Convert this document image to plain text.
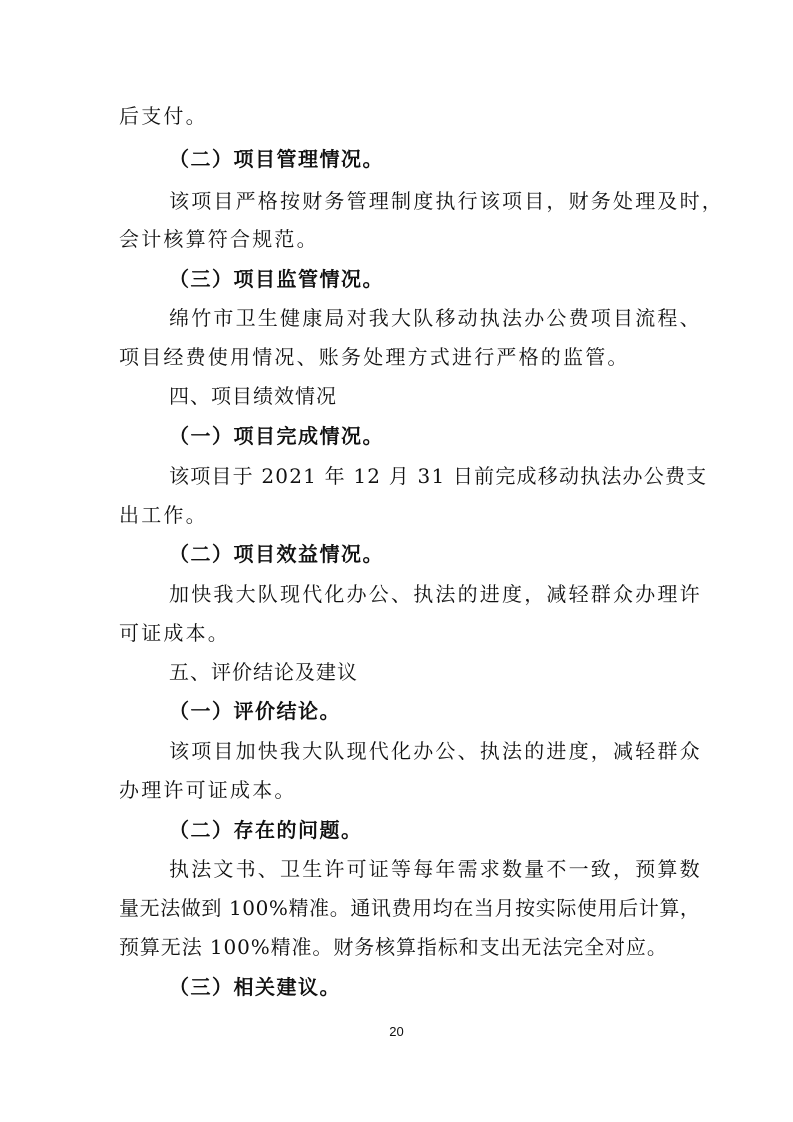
后支付。
（二）项目管理情况。
该项目严格按财务管理制度执行该项目，财务处理及时，
会计核算符合规范。
（三）项目监管情况。
绵竹市卫生健康局对我大队移动执法办公费项目流程、
项目经费使用情况、账务处理方式进行严格的监管。
四、项目绩效情况
（一）项目完成情况。
该项目于 2021 年 12 月 31 日前完成移动执法办公费支
出工作。
（二）项目效益情况。
加快我大队现代化办公、执法的进度，减轻群众办理许
可证成本。
五、评价结论及建议
（一）评价结论。
该项目加快我大队现代化办公、执法的进度，减轻群众
办理许可证成本。
（二）存在的问题。
执法文书、卫生许可证等每年需求数量不一致，预算数
量无法做到 100%精准。通讯费用均在当月按实际使用后计算，
预算无法 100%精准。财务核算指标和支出无法完全对应。
（三）相关建议。
20
